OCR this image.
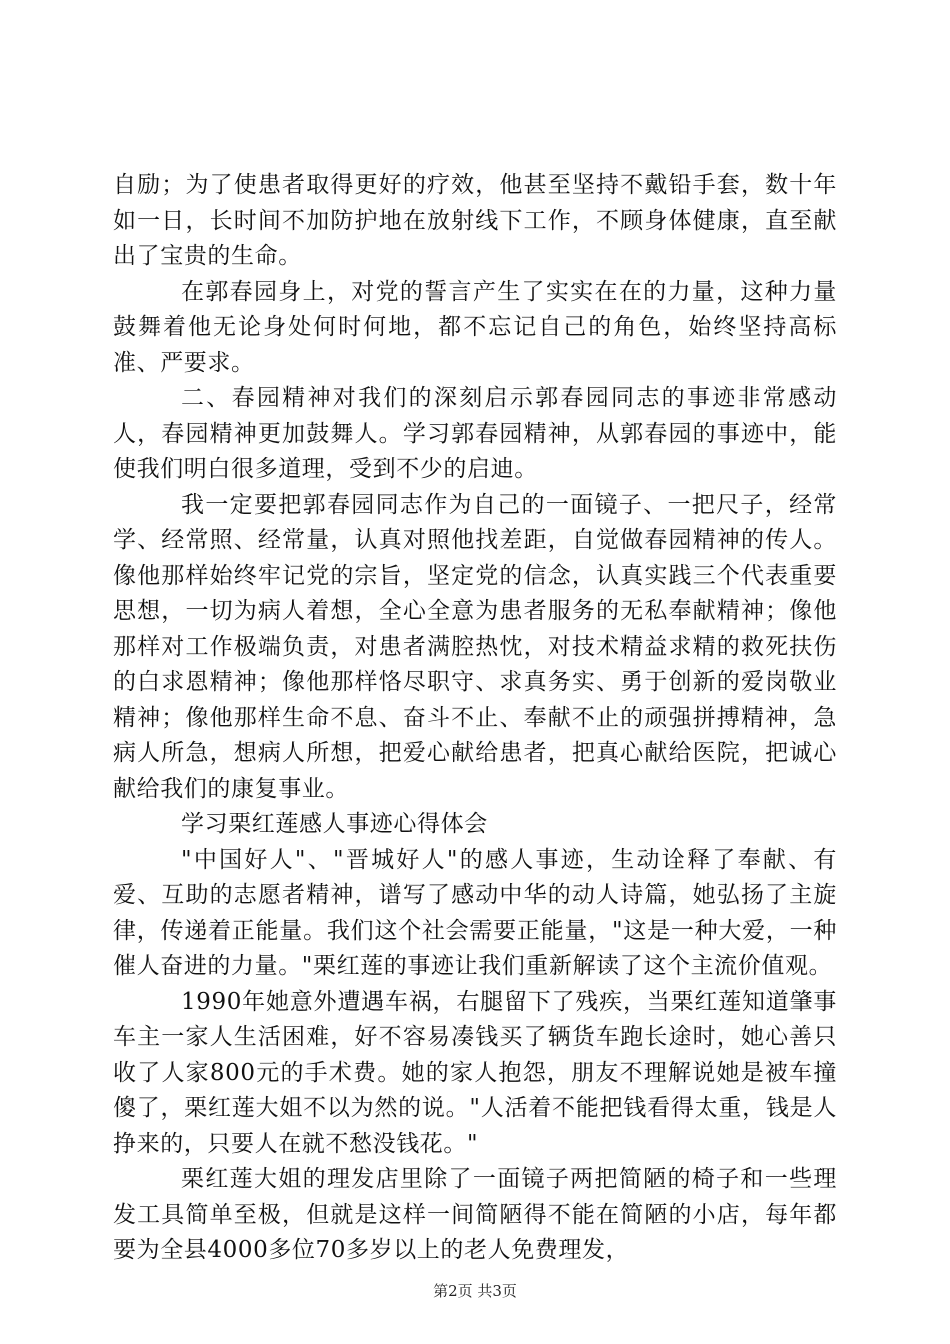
自励；为了使患者取得更好的疗效，他甚至坚持不戴铅手套，数十年如一日，长时间不加防护地在放射线下工作，不顾身体健康，直至献出了宝贵的生命。

在郭春园身上，对党的誓言产生了实实在在的力量，这种力量鼓舞着他无论身处何时何地，都不忘记自己的角色，始终坚持高标准、严要求。

二、春园精神对我们的深刻启示郭春园同志的事迹非常感动人，春园精神更加鼓舞人。学习郭春园精神，从郭春园的事迹中，能使我们明白很多道理，受到不少的启迪。

我一定要把郭春园同志作为自己的一面镜子、一把尺子，经常学、经常照、经常量，认真对照他找差距，自觉做春园精神的传人。像他那样始终牢记党的宗旨，坚定党的信念，认真实践三个代表重要思想，一切为病人着想，全心全意为患者服务的无私奉献精神；像他那样对工作极端负责，对患者满腔热忱，对技术精益求精的救死扶伤的白求恩精神；像他那样恪尽职守、求真务实、勇于创新的爱岗敬业精神；像他那样生命不息、奋斗不止、奉献不止的顽强拼搏精神，急病人所急，想病人所想，把爱心献给患者，把真心献给医院，把诚心献给我们的康复事业。

学习栗红莲感人事迹心得体会

"中国好人"、"晋城好人"的感人事迹，生动诠释了奉献、有爱、互助的志愿者精神，谱写了感动中华的动人诗篇，她弘扬了主旋律，传递着正能量。我们这个社会需要正能量，"这是一种大爱，一种催人奋进的力量。"栗红莲的事迹让我们重新解读了这个主流价值观。

1990年她意外遭遇车祸，右腿留下了残疾，当栗红莲知道肇事车主一家人生活困难，好不容易凑钱买了辆货车跑长途时，她心善只收了人家800元的手术费。她的家人抱怨，朋友不理解说她是被车撞傻了，栗红莲大姐不以为然的说。"人活着不能把钱看得太重，钱是人挣来的，只要人在就不愁没钱花。"

栗红莲大姐的理发店里除了一面镜子两把简陋的椅子和一些理发工具简单至极，但就是这样一间简陋得不能在简陋的小店，每年都要为全县4000多位70多岁以上的老人免费理发，

第2页 共3页
